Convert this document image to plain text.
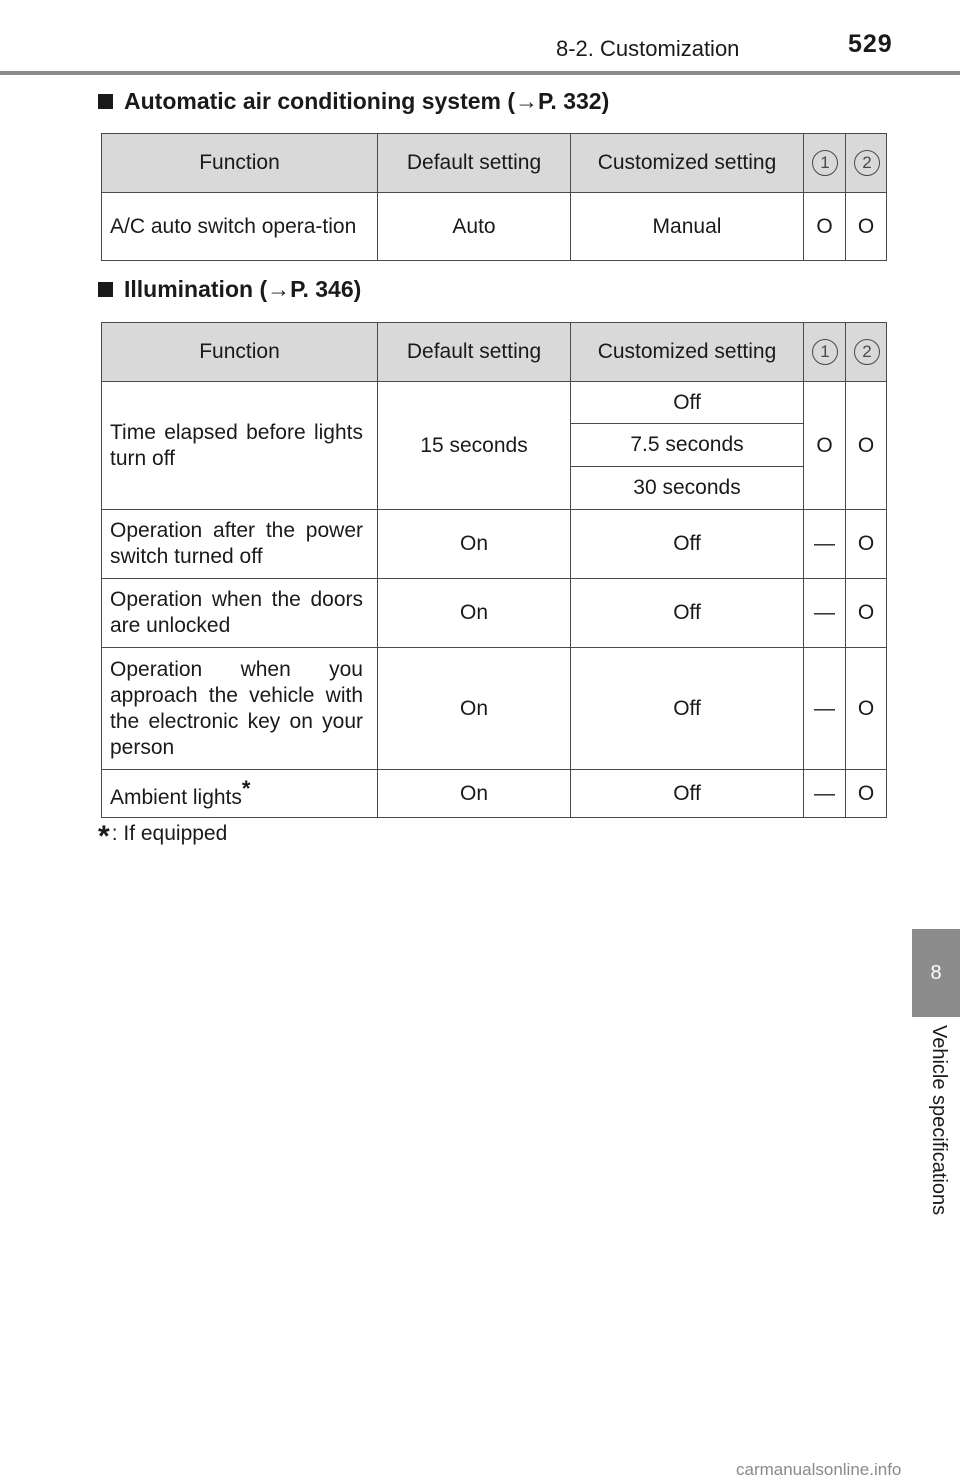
8-2. Customization	529
Automatic air conditioning system (→P. 332)
Function	Default setting	Customized setting	1	2
A/C auto switch opera-tion	Auto	Manual	O	O
Illumination (→P. 346)
Function	Default setting	Customized setting	1	2
Time elapsed before lights turn off	15 seconds	Off	O	O
		7.5 seconds		
		30 seconds		
Operation after the power switch turned off	On	Off	—	O
Operation when the doors are unlocked	On	Off	—	O
Operation when you approach the vehicle with the electronic key on your person	On	Off	—	O
Ambient lights*	On	Off	—	O
*: If equipped
8
Vehicle specifications
carmanualsonline.info
